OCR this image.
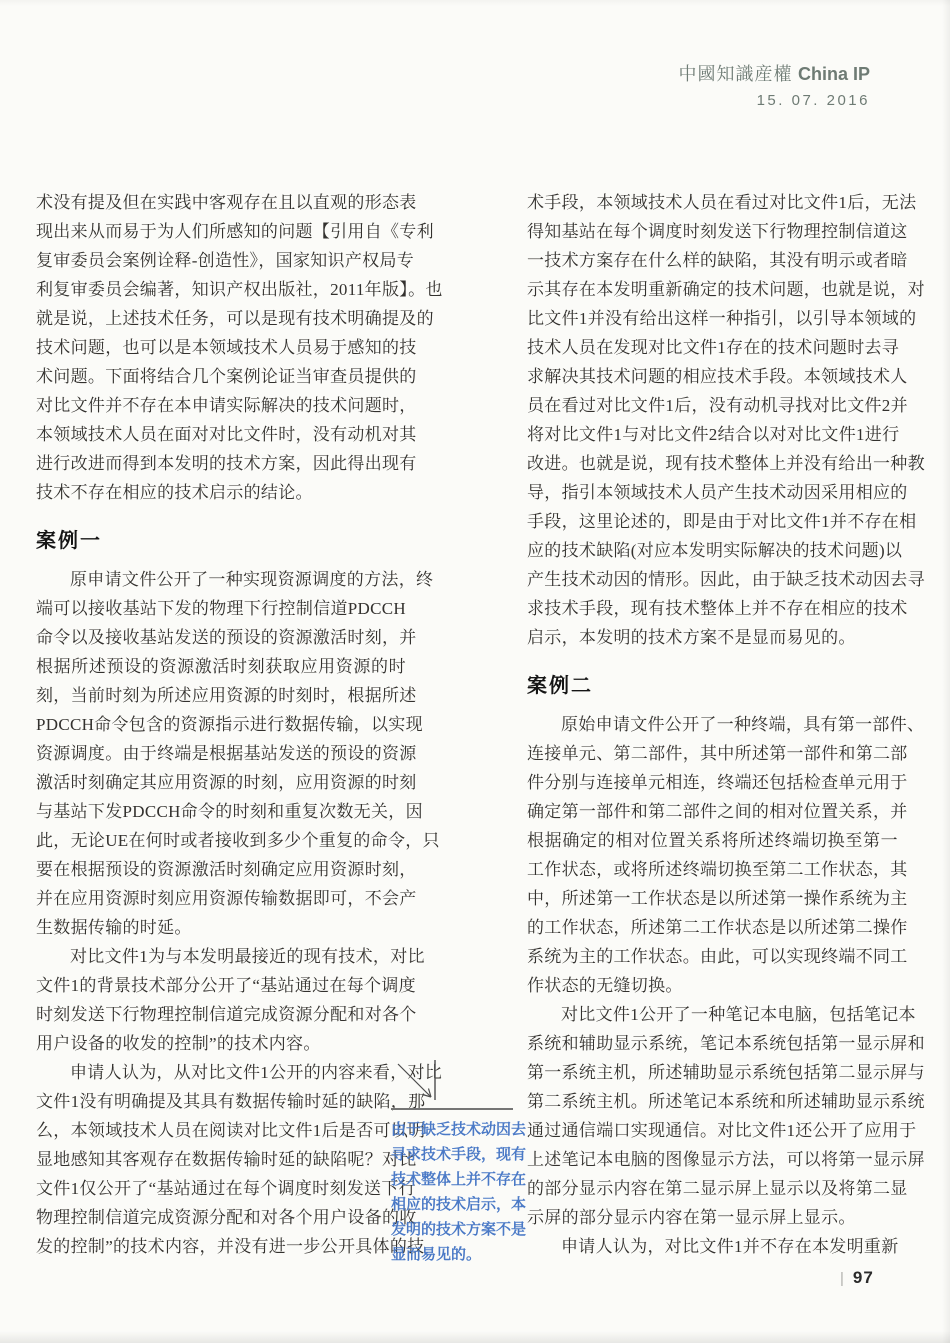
中國知識産權 China IP
15. 07. 2016
术没有提及但在实践中客观存在且以直观的形态表
现出来从而易于为人们所感知的问题【引用自《专利
复审委员会案例诠释-创造性》，国家知识产权局专
利复审委员会编著，知识产权出版社，2011年版】。也
就是说，上述技术任务，可以是现有技术明确提及的
技术问题，也可以是本领域技术人员易于感知的技
术问题。下面将结合几个案例论证当审查员提供的
对比文件并不存在本申请实际解决的技术问题时，
本领域技术人员在面对对比文件时，没有动机对其
进行改进而得到本发明的技术方案，因此得出现有
技术不存在相应的技术启示的结论。
案例一
原申请文件公开了一种实现资源调度的方法，终
端可以接收基站下发的物理下行控制信道PDCCH
命令以及接收基站发送的预设的资源激活时刻，并
根据所述预设的资源激活时刻获取应用资源的时
刻，当前时刻为所述应用资源的时刻时，根据所述
PDCCH命令包含的资源指示进行数据传输，以实现
资源调度。由于终端是根据基站发送的预设的资源
激活时刻确定其应用资源的时刻，应用资源的时刻
与基站下发PDCCH命令的时刻和重复次数无关，因
此，无论UE在何时或者接收到多少个重复的命令，只
要在根据预设的资源激活时刻确定应用资源时刻，
并在应用资源时刻应用资源传输数据即可，不会产
生数据传输的时延。
对比文件1为与本发明最接近的现有技术，对比
文件1的背景技术部分公开了“基站通过在每个调度
时刻发送下行物理控制信道完成资源分配和对各个
用户设备的收发的控制”的技术内容。
申请人认为，从对比文件1公开的内容来看，对比
文件1没有明确提及其具有数据传输时延的缺陷，那
么，本领域技术人员在阅读对比文件1后是否可以明
显地感知其客观存在数据传输时延的缺陷呢？对比
文件1仅公开了“基站通过在每个调度时刻发送下行
物理控制信道完成资源分配和对各个用户设备的收
发的控制”的技术内容，并没有进一步公开具体的技
术手段，本领域技术人员在看过对比文件1后，无法
得知基站在每个调度时刻发送下行物理控制信道这
一技术方案存在什么样的缺陷，其没有明示或者暗
示其存在本发明重新确定的技术问题，也就是说，对
比文件1并没有给出这样一种指引，以引导本领域的
技术人员在发现对比文件1存在的技术问题时去寻
求解决其技术问题的相应技术手段。本领域技术人
员在看过对比文件1后，没有动机寻找对比文件2并
将对比文件1与对比文件2结合以对对比文件1进行
改进。也就是说，现有技术整体上并没有给出一种教
导，指引本领域技术人员产生技术动因采用相应的
手段，这里论述的，即是由于对比文件1并不存在相
应的技术缺陷(对应本发明实际解决的技术问题)以
产生技术动因的情形。因此，由于缺乏技术动因去寻
求技术手段，现有技术整体上并不存在相应的技术
启示，本发明的技术方案不是显而易见的。
案例二
原始申请文件公开了一种终端，具有第一部件、
连接单元、第二部件，其中所述第一部件和第二部
件分别与连接单元相连，终端还包括检查单元用于
确定第一部件和第二部件之间的相对位置关系，并
根据确定的相对位置关系将所述终端切换至第一
工作状态，或将所述终端切换至第二工作状态，其
中，所述第一工作状态是以所述第一操作系统为主
的工作状态，所述第二工作状态是以所述第二操作
系统为主的工作状态。由此，可以实现终端不同工
作状态的无缝切换。
对比文件1公开了一种笔记本电脑，包括笔记本
系统和辅助显示系统，笔记本系统包括第一显示屏和
第一系统主机，所述辅助显示系统包括第二显示屏与
第二系统主机。所述笔记本系统和所述辅助显示系统
通过通信端口实现通信。对比文件1还公开了应用于
上述笔记本电脑的图像显示方法，可以将第一显示屏
的部分显示内容在第二显示屏上显示以及将第二显
示屏的部分显示内容在第一显示屏上显示。
申请人认为，对比文件1并不存在本发明重新
由于缺乏技术动因去
寻求技术手段，现有
技术整体上并不存在
相应的技术启示，本
发明的技术方案不是
显而易见的。
| 97
